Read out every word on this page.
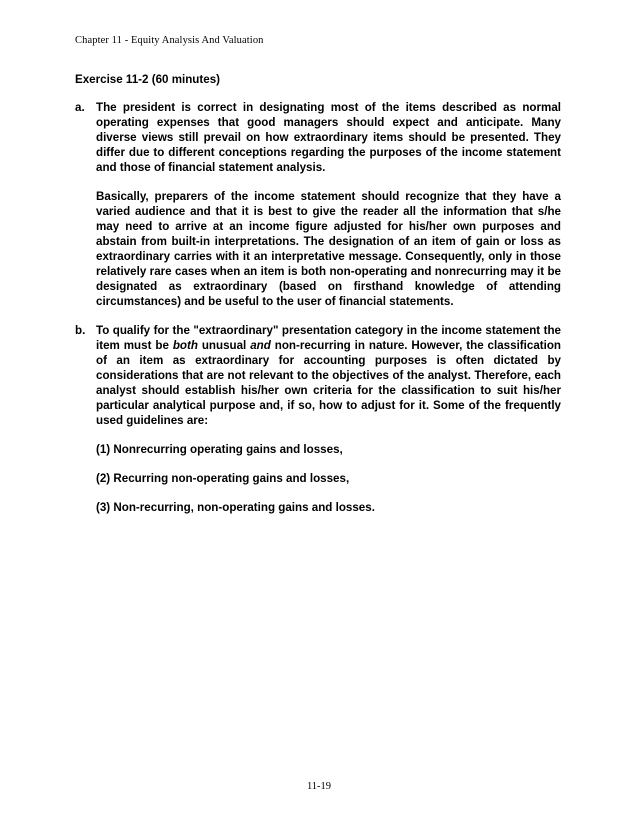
Chapter 11 - Equity Analysis And Valuation
Exercise 11-2 (60 minutes)
a. The president is correct in designating most of the items described as normal operating expenses that good managers should expect and anticipate. Many diverse views still prevail on how extraordinary items should be presented. They differ due to different conceptions regarding the purposes of the income statement and those of financial statement analysis.

Basically, preparers of the income statement should recognize that they have a varied audience and that it is best to give the reader all the information that s/he may need to arrive at an income figure adjusted for his/her own purposes and abstain from built-in interpretations. The designation of an item of gain or loss as extraordinary carries with it an interpretative message. Consequently, only in those relatively rare cases when an item is both non-operating and nonrecurring may it be designated as extraordinary (based on firsthand knowledge of attending circumstances) and be useful to the user of financial statements.

b. To qualify for the "extraordinary" presentation category in the income statement the item must be both unusual and non-recurring in nature. However, the classification of an item as extraordinary for accounting purposes is often dictated by considerations that are not relevant to the objectives of the analyst. Therefore, each analyst should establish his/her own criteria for the classification to suit his/her particular analytical purpose and, if so, how to adjust for it. Some of the frequently used guidelines are:

(1) Nonrecurring operating gains and losses,

(2) Recurring non-operating gains and losses,

(3) Non-recurring, non-operating gains and losses.

11-19
